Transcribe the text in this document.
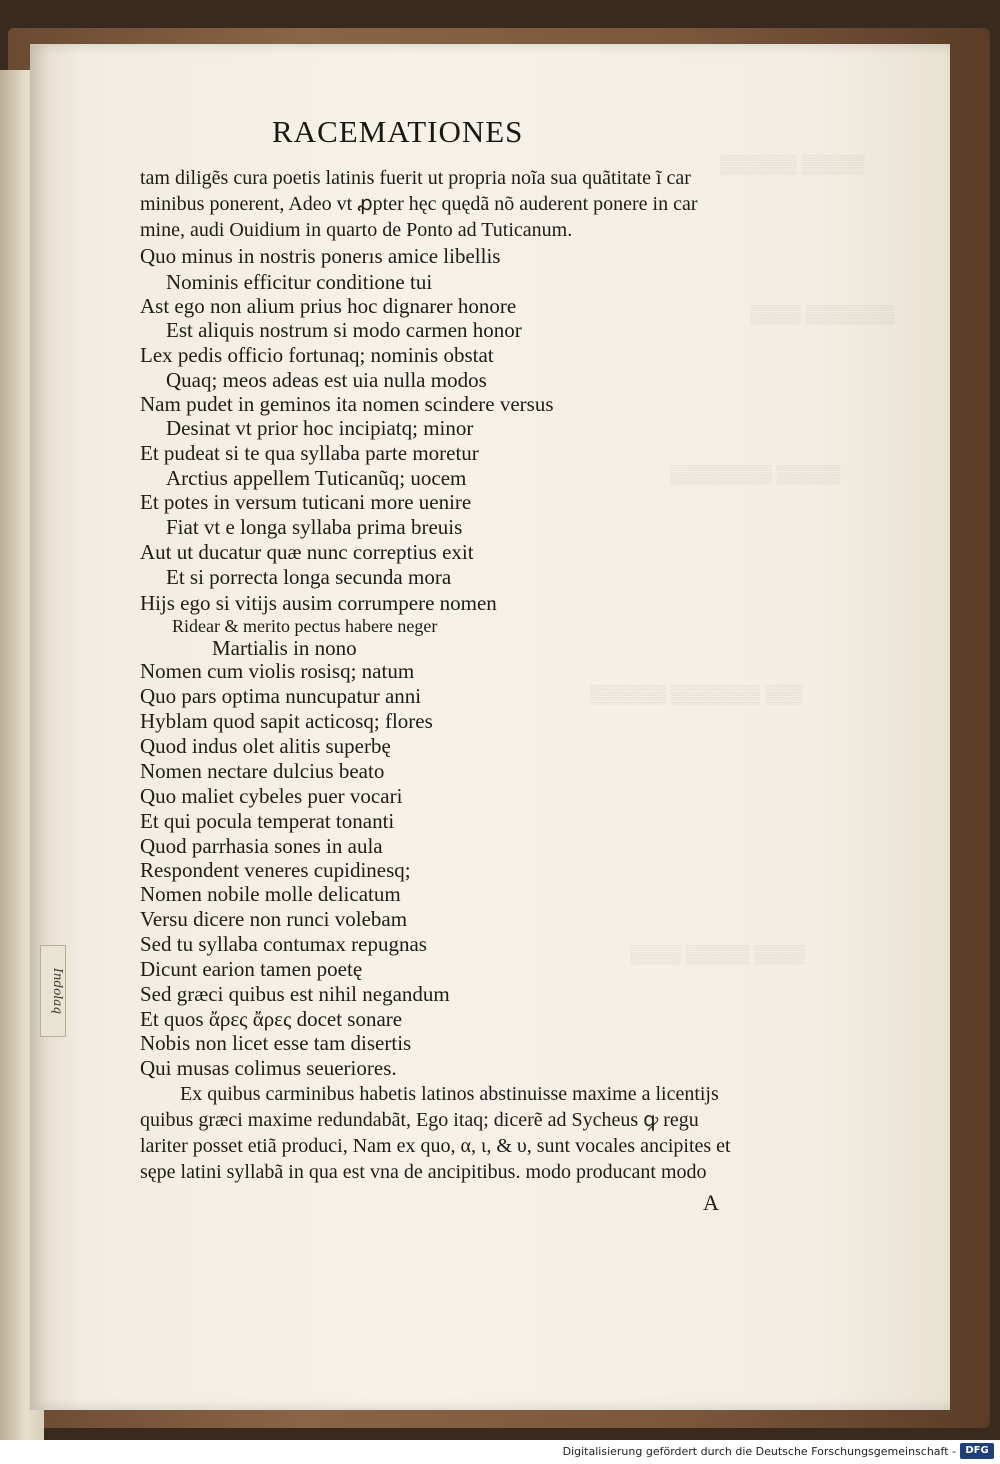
▒▒▒▒▒▒ ▒▒▒▒▒
▒▒▒▒ ▒▒▒▒▒▒▒
▒▒▒▒▒▒▒▒ ▒▒▒▒▒
▒▒▒▒▒▒ ▒▒▒▒▒▒▒ ▒▒▒
▒▒▒▒ ▒▒▒▒▒ ▒▒▒▒
Indolaq
RACEMATIONES
tam diligẽs cura poetis latinis fuerit ut propria noĩa sua quãtitate ĩ car
minibus ponerent, Adeo vt ꝓpter hęc quędã nõ auderent ponere in car
mine, audi Ouidium in quarto de Ponto ad Tuticanum.
Quo minus in nostris ponerıs amice libellis
Nominis efficitur conditione tui
Ast ego non alium prius hoc dignarer honore
Est aliquis nostrum si modo carmen honor
Lex pedis officio fortunaq; nominis obstat
Quaq; meos adeas est uia nulla modos
Nam pudet in geminos ita nomen scindere versus
Desinat vt prior hoc incipiatq; minor
Et pudeat si te qua syllaba parte moretur
Arctius appellem Tuticanũq; uocem
Et potes in versum tuticani more uenire
Fiat vt e longa syllaba prima breuis
Aut ut ducatur quæ nunc correptius exit
Et si porrecta longa secunda mora
Hĳs ego si vitĳs ausim corrumpere nomen
Ridear & merito pectus habere neger
Martialis in nono
Nomen cum violis rosisq; natum
Quo pars optima nuncupatur anni
Hyblam quod sapit acticosq; flores
Quod indus olet alitis superbę
Nomen nectare dulcius beato
Quo maliet cybeles puer vocari
Et qui pocula temperat tonanti
Quod parrhasia sones in aula
Respondent veneres cupidinesq;
Nomen nobile molle delicatum
Versu dicere non runci volebam
Sed tu syllaba contumax repugnas
Dicunt earion tamen poetę
Sed græci quibus est nihil negandum
Et quos ἄρες ἄρες docet sonare
Nobis non licet esse tam disertis
Qui musas colimus seueriores.
Ex quibus carminibus habetis latinos abstinuisse maxime a licentĳs
quibus græci maxime redundabãt, Ego itaq; dicerẽ ad Sycheus ꝙ regu
lariter posset etiã produci, Nam ex quo, α, ι, & υ, sunt vocales ancipites et
sępe latini syllabã in qua est vna de ancipitibus. modo producant modo
A
Digitalisierung gefördert durch die Deutsche Forschungsgemeinschaft - DFG
